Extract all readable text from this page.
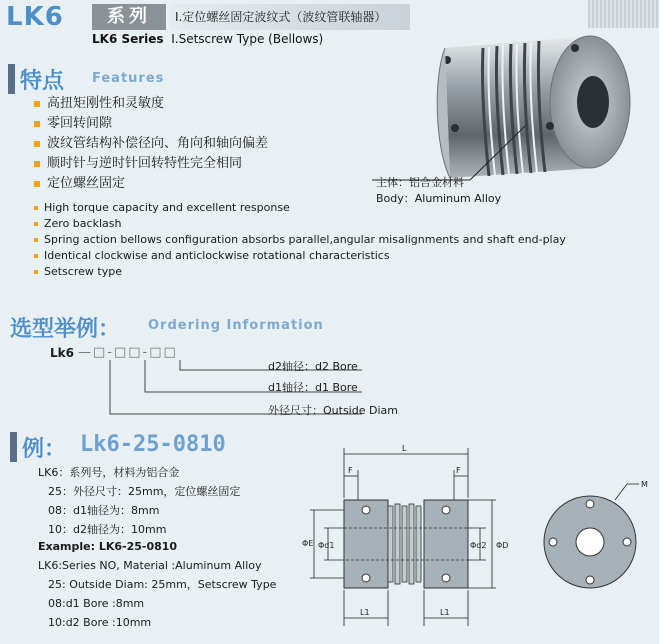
LK6	系列	I.定位螺丝固定波纹式（波纹管联轴器）
LK6 Series I.Setscrew Type (Bellows)
主体：铝合金材料
Body：Aluminum Alloy
特点 Features
高扭矩刚性和灵敏度
零回转间隙
波纹管结构补偿径向、角向和轴向偏差
顺时针与逆时针回转特性完全相同
定位螺丝固定
High torque capacity and excellent response
Zero backlash
Spring action bellows configuration absorbs parallel,angular misalignments and shaft end-play
Identical clockwise and anticlockwise rotational characteristics
Setscrew type
选型举例： Ordering Information
Lk6 —□-□□-□□
d2轴径：d2 Bore
d1轴径：d1 Bore
外径尺寸：Outside Diam
例： Lk6-25-0810
LK6：系列号，材料为铝合金
25：外径尺寸：25mm，定位螺丝固定
08：d1轴径为：8mm
10：d2轴径为：10mm
Example: LK6-25-0810
LK6:Series NO, Material :Aluminum Alloy
25: Outside Diam: 25mm，Setscrew Type
08:d1 Bore :8mm
10:d2 Bore :10mm
L
F	F
L1	L1
ΦE Φd1	Φd2 ΦD
M
